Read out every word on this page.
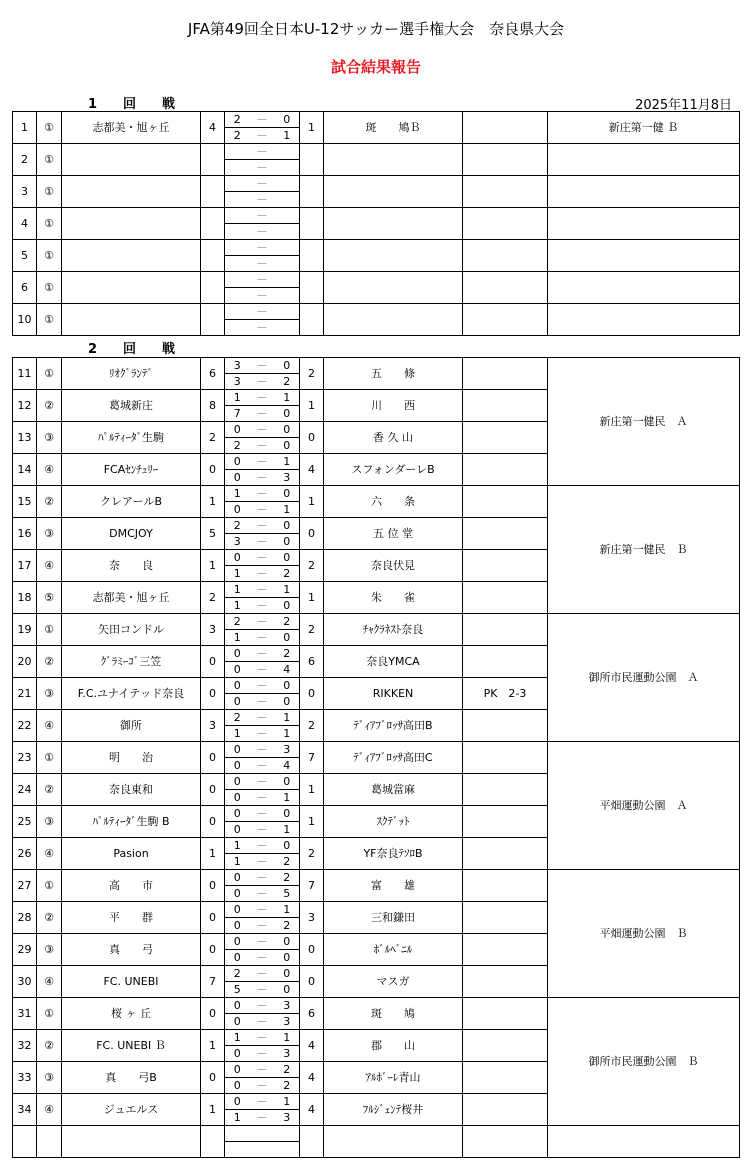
JFA第49回全日本U-12サッカー選手権大会　奈良県大会
試合結果報告
1　　回　　戦	2025年11月8日
2　　回　　戦
1	①	志都美・旭ヶ丘	4	2	－	0	1	斑　　鳩Ｂ		新庄第一健 Ｂ
				2	－	1				
2	①				－					
					－					
3	①				－					
					－					
4	①				－					
					－					
5	①				－					
					－					
6	①				－					
					－					
10	①				－					
					－					
11	①	ﾘｵｸﾞﾗﾝﾃﾞ	6	3	－	0	2	五　　條		新庄第一健民　Ａ
				3	－	2				
12	②	葛城新庄	8	1	－	1	1	川　　西		
				7	－	0				
13	③	ﾊﾟﾙﾃｨｰﾀﾞ生駒	2	0	－	0	0	香 久 山		
				2	－	0				
14	④	FCAｾﾝﾁｭﾘｰ	0	0	－	1	4	スフォンダーレB		
				0	－	3				
15	②	クレアールB	1	1	－	0	1	六　　条		新庄第一健民　Ｂ
				0	－	1				
16	③	DMCJOY	5	2	－	0	0	五 位 堂		
				3	－	0				
17	④	奈　　良	1	0	－	0	2	奈良伏見		
				1	－	2				
18	⑤	志都美・旭ヶ丘	2	1	－	1	1	朱　　雀		
				1	－	0				
19	①	矢田コンドル	3	2	－	2	2	ﾁｬｸﾗﾈｽﾄ奈良		御所市民運動公園　Ａ
				1	－	0				
20	②	ｸﾞﾗﾐｰｺﾞ三笠	0	0	－	2	6	奈良YMCA		
				0	－	4				
21	③	F.C.ユナイテッド奈良	0	0	－	0	0	RIKKEN	PK　2-3	
				0	－	0				
22	④	御所	3	2	－	1	2	ﾃﾞｨｱﾌﾞﾛｯｻ高田B		
				1	－	1				
23	①	明　　治	0	0	－	3	7	ﾃﾞｨｱﾌﾞﾛｯｻ高田C		平畑運動公園　Ａ
				0	－	4				
24	②	奈良東和	0	0	－	0	1	葛城當麻		
				0	－	1				
25	③	ﾊﾟﾙﾃｨｰﾀﾞ生駒 B	0	0	－	0	1	ｽｸﾃﾞｯﾄ		
				0	－	1				
26	④	Pasion	1	1	－	0	2	YF奈良ﾃｿﾛB		
				1	－	2				
27	①	高　　市	0	0	－	2	7	富　　雄		平畑運動公園　Ｂ
				0	－	5				
28	②	平　　群	0	0	－	1	3	三和鎌田		
				0	－	2				
29	③	真　　弓	0	0	－	0	0	ﾎﾞﾙﾍﾞﾆﾙ		
				0	－	0				
30	④	FC. UNEBI	7	2	－	0	0	マスガ		
				5	－	0				
31	①	桜 ヶ 丘	0	0	－	3	6	斑　　鳩		御所市民運動公園　Ｂ
				0	－	3				
32	②	FC. UNEBI Ｂ	1	1	－	1	4	郡　　山		
				0	－	3				
33	③	真　　弓B	0	0	－	2	4	ｱﾙﾎﾞｰﾚ青山		
				0	－	2				
34	④	ジュエルス	1	0	－	1	4	ﾌﾙｼﾞｪﾝﾃ桜井		
				1	－	3				
